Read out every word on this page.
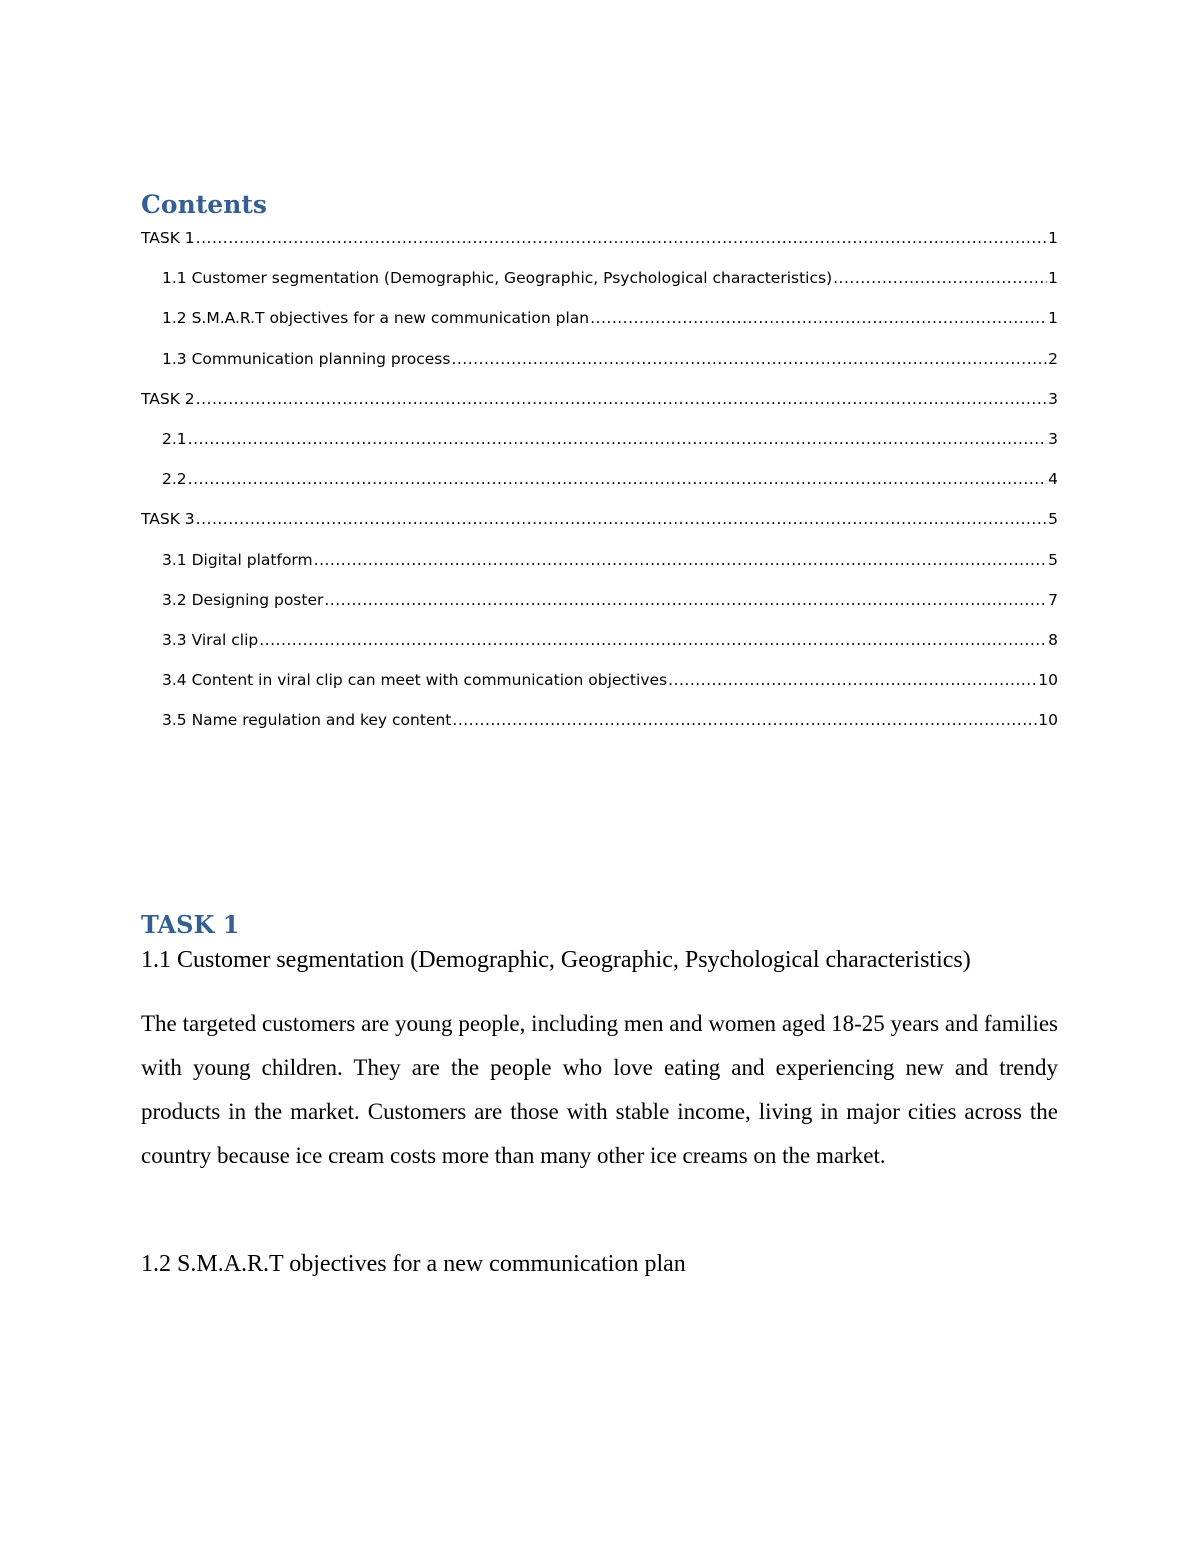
Contents
TASK 1 .....	1
1.1 Customer segmentation (Demographic, Geographic, Psychological characteristics) .....	1
1.2 S.M.A.R.T objectives for a new communication plan .....	1
1.3 Communication planning process .....	2
TASK 2 .....	3
2.1 .....	3
2.2 .....	4
TASK 3 .....	5
3.1 Digital platform .....	5
3.2 Designing poster .....	7
3.3 Viral clip .....	8
3.4 Content in viral clip can meet with communication objectives .....	10
3.5 Name regulation and key content .....	10
TASK 1
1.1 Customer segmentation (Demographic, Geographic, Psychological characteristics)

The targeted customers are young people, including men and women aged 18-25 years and families with young children. They are the people who love eating and experiencing new and trendy products in the market. Customers are those with stable income, living in major cities across the country because ice cream costs more than many other ice creams on the market.

1.2 S.M.A.R.T objectives for a new communication plan
